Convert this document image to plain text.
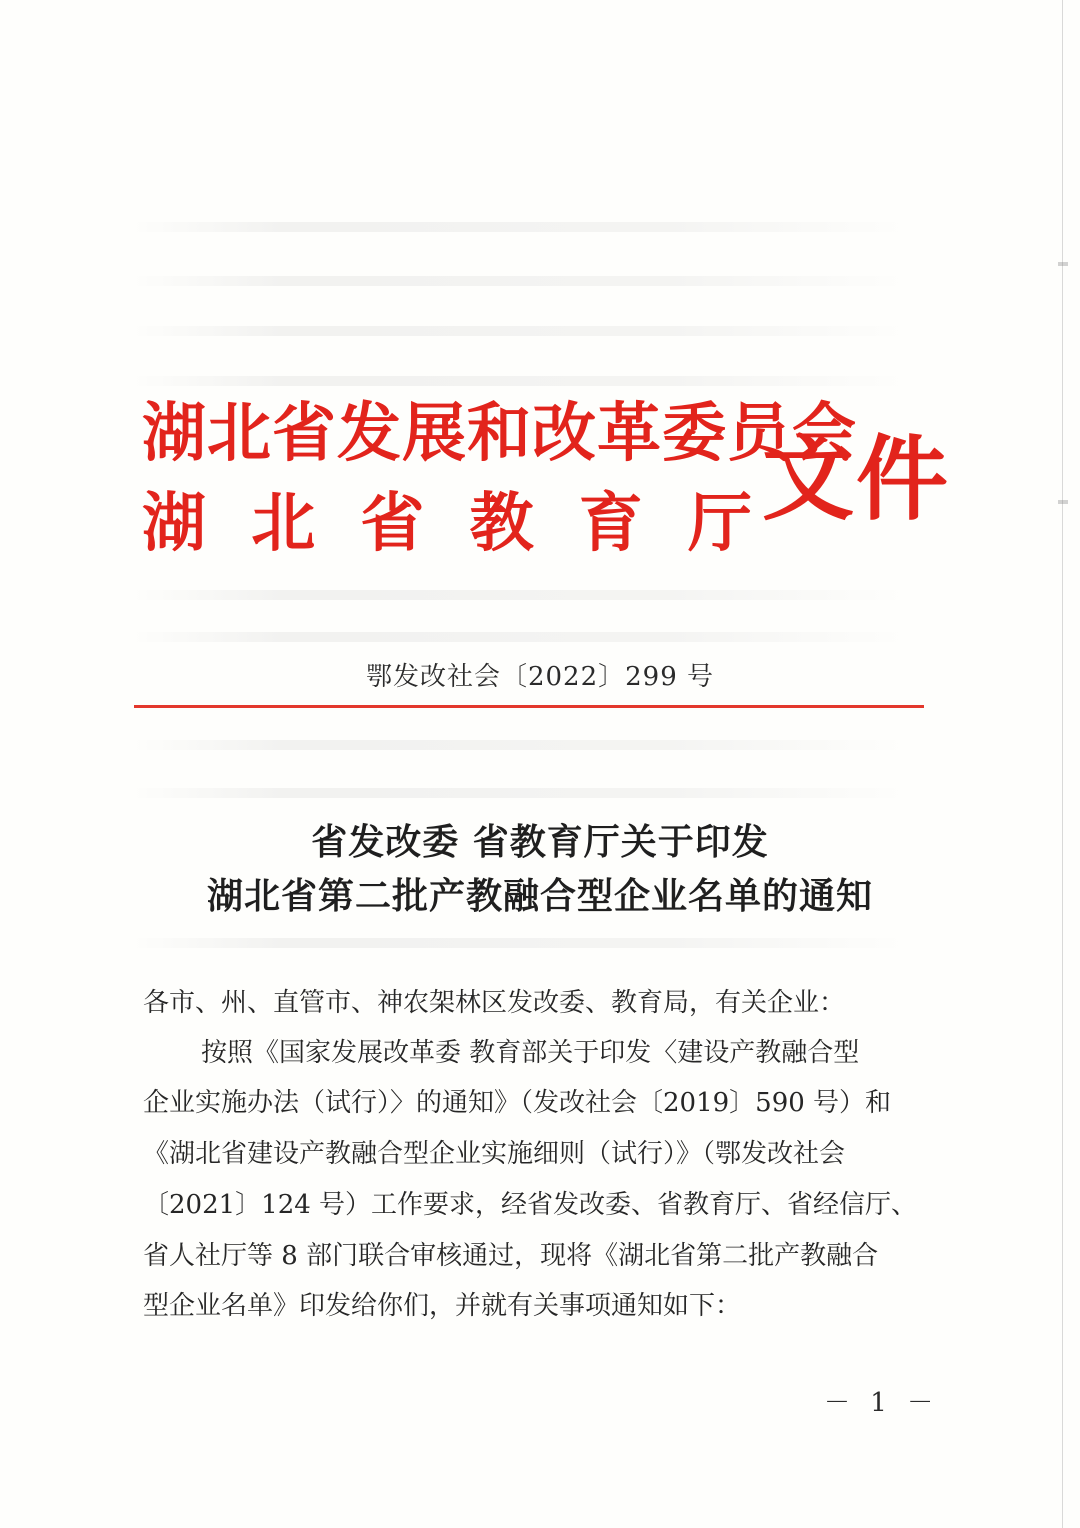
湖北省发展和改革委员会
湖 北 省 教 育 厅 文件
鄂发改社会〔2022〕299 号
省发改委 省教育厅关于印发
湖北省第二批产教融合型企业名单的通知
各市、州、直管市、神农架林区发改委、教育局，有关企业：
按照《国家发展改革委 教育部关于印发〈建设产教融合型
企业实施办法（试行）〉的通知》（发改社会〔2019〕590 号）和
《湖北省建设产教融合型企业实施细则（试行）》（鄂发改社会
〔2021〕124 号）工作要求，经省发改委、省教育厅、省经信厅、
省人社厅等 8 部门联合审核通过，现将《湖北省第二批产教融合
型企业名单》印发给你们，并就有关事项通知如下：
－ 1 －
